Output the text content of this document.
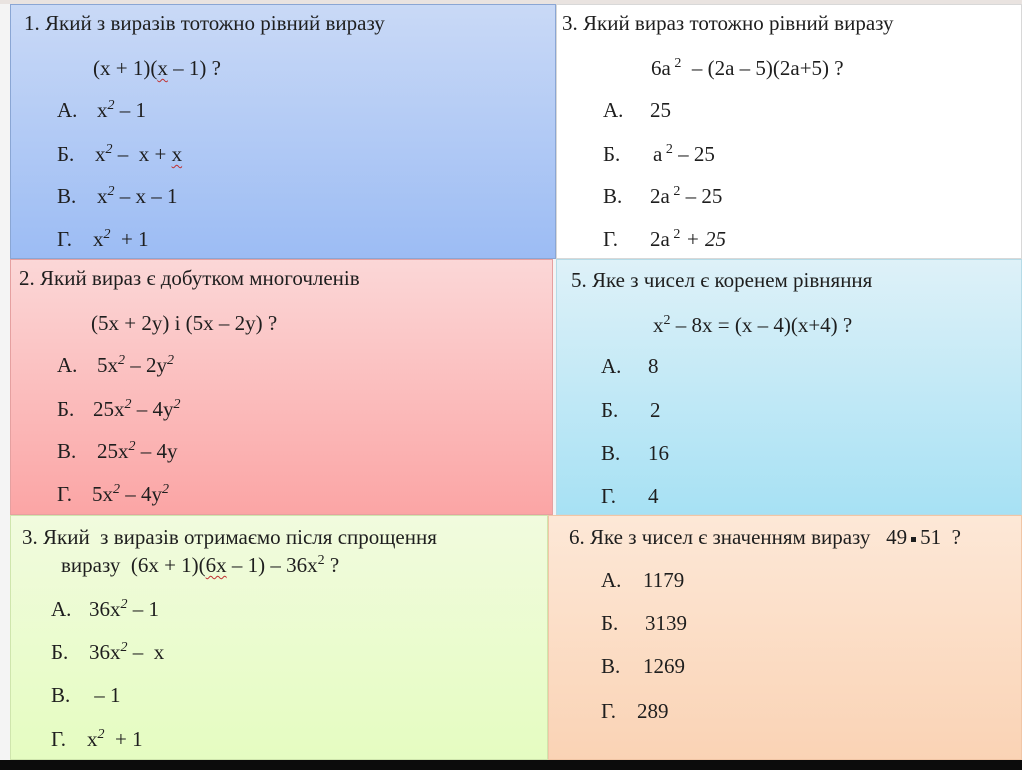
1. Який з виразів тотожно рівний виразу
(x + 1)(x – 1) ?
А. $x^2 - 1$
Б. $x^2 - x + x$
В. $x^2$ – x – 1
Г. $x^2 + 1$
3. Який вираз тотожно рівний виразу
6a $^2$  – (2a – 5)(2a+5) ?
А. 25
Б. a $^2$ – 25
В. 2a $^2$ – 25
Г. 2a $^2$ + 25
2. Який вираз є добутком многочленів
(5x + 2y) і (5x – 2y) ?
А. $5x^2 - 2y^2$
Б. $25x^2 - 4y^2$
В. $25x^2 - 4y$
Г. $5x^2 - 4y^2$
5. Яке з чисел є коренем рівняння
$x^2 - 8x = (x - 4)(x+4)$ ?
А. 8
Б. 2
В. 16
Г. 4
3. Який  з виразів отримаємо після спрощення
виразу  $(6x + 1)(6x - 1) - 36x^2$ ?
А. $36x^2 - 1$
Б. $36x^2$ –  x
В. – 1
Г. $x^2 + 1$
6. Яке з чисел є значенням виразу 49 51  ?
А. 1179
Б. 3139
В. 1269
Г. 289
